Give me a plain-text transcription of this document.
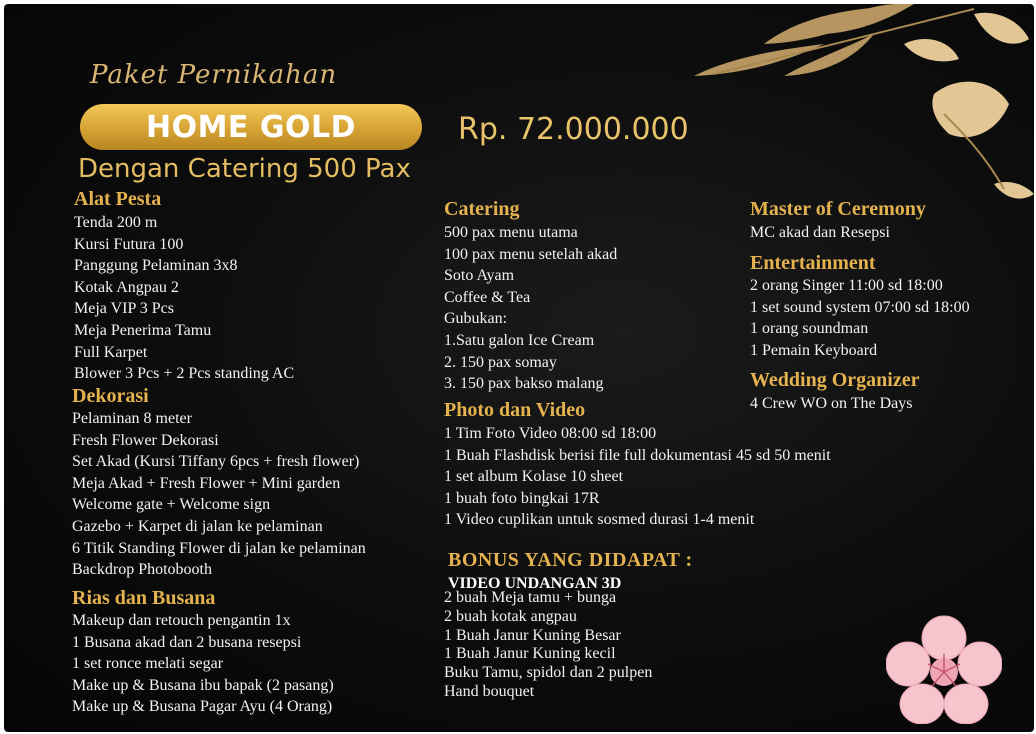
Paket Pernikahan
HOME GOLD	Rp. 72.000.000
Dengan Catering 500 Pax
Alat Pesta
Tenda 200 m
Kursi Futura 100
Panggung Pelaminan 3x8
Kotak Angpau 2
Meja VIP 3 Pcs
Meja Penerima Tamu
Full Karpet
Blower 3 Pcs + 2 Pcs standing AC
Dekorasi
Pelaminan 8 meter
Fresh Flower Dekorasi
Set Akad (Kursi Tiffany 6pcs + fresh flower)
Meja Akad + Fresh Flower + Mini garden
Welcome gate + Welcome sign
Gazebo + Karpet di jalan ke pelaminan
6 Titik Standing Flower di jalan ke pelaminan
Backdrop Photobooth
Rias dan Busana
Makeup dan retouch pengantin 1x
1 Busana akad dan 2 busana resepsi
1 set ronce melati segar
Make up & Busana ibu bapak (2 pasang)
Make up & Busana Pagar Ayu (4 Orang)
Catering
500 pax menu utama
100 pax menu setelah akad
Soto Ayam
Coffee & Tea
Gubukan:
1.Satu galon Ice Cream
2. 150 pax somay
3. 150 pax bakso malang
Photo dan Video
1 Tim Foto Video 08:00 sd 18:00
1 Buah Flashdisk berisi file full dokumentasi 45 sd 50 menit
1 set album Kolase 10 sheet
1 buah foto bingkai 17R
1 Video cuplikan untuk sosmed durasi 1-4 menit
BONUS YANG DIDAPAT :
VIDEO UNDANGAN 3D
2 buah Meja tamu + bunga
2 buah kotak angpau
1 Buah Janur Kuning Besar
1 Buah Janur Kuning kecil
Buku Tamu, spidol dan 2 pulpen
Hand bouquet
Master of Ceremony
MC akad dan Resepsi
Entertainment
2 orang Singer 11:00 sd 18:00
1 set sound system 07:00 sd 18:00
1 orang soundman
1 Pemain Keyboard
Wedding Organizer
4 Crew WO on The Days
